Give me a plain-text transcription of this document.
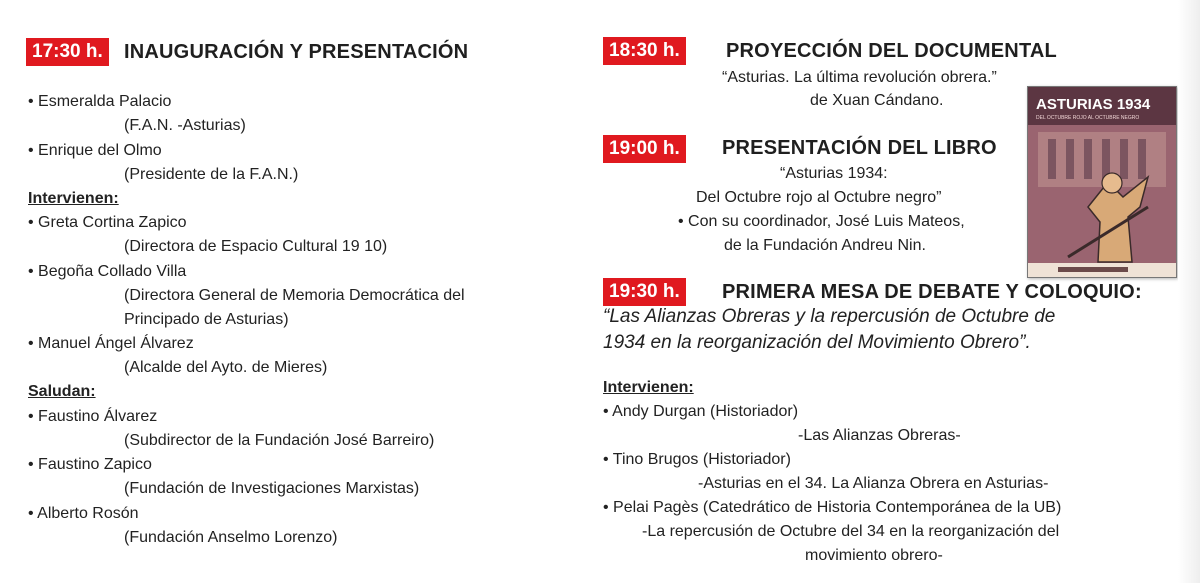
17:30 h.	INAUGURACIÓN Y PRESENTACIÓN
• Esmeralda Palacio
(F.A.N. -Asturias)
• Enrique del Olmo
(Presidente de la F.A.N.)
Intervienen:
• Greta Cortina Zapico
(Directora de Espacio Cultural 19 10)
• Begoña Collado Villa
(Directora General de Memoria Democrática del
Principado de Asturias)
• Manuel Ángel Álvarez
(Alcalde del Ayto. de Mieres)
Saludan:
• Faustino Álvarez
(Subdirector de la Fundación José Barreiro)
• Faustino Zapico
(Fundación de Investigaciones Marxistas)
• Alberto Rosón
(Fundación Anselmo Lorenzo)
18:30 h.	PROYECCIÓN DEL DOCUMENTAL
“Asturias. La última revolución obrera.”
de Xuan Cándano.
19:00 h.	PRESENTACIÓN DEL LIBRO
“Asturias 1934:
Del Octubre rojo al Octubre negro”
• Con su coordinador, José Luis Mateos,
de la Fundación Andreu Nin.
19:30 h.	PRIMERA MESA DE DEBATE Y COLOQUIO:
“Las Alianzas Obreras y la repercusión de Octubre de
1934 en la reorganización del Movimiento Obrero”.
Intervienen:
• Andy Durgan (Historiador)
-Las Alianzas Obreras-
• Tino Brugos (Historiador)
-Asturias en el 34. La Alianza Obrera en Asturias-
• Pelai Pagès (Catedrático de Historia Contemporánea de la UB)
-La repercusión de Octubre del 34 en la reorganización del
movimiento obrero-
ASTURIAS 1934
DEL OCTUBRE ROJO AL OCTUBRE NEGRO
